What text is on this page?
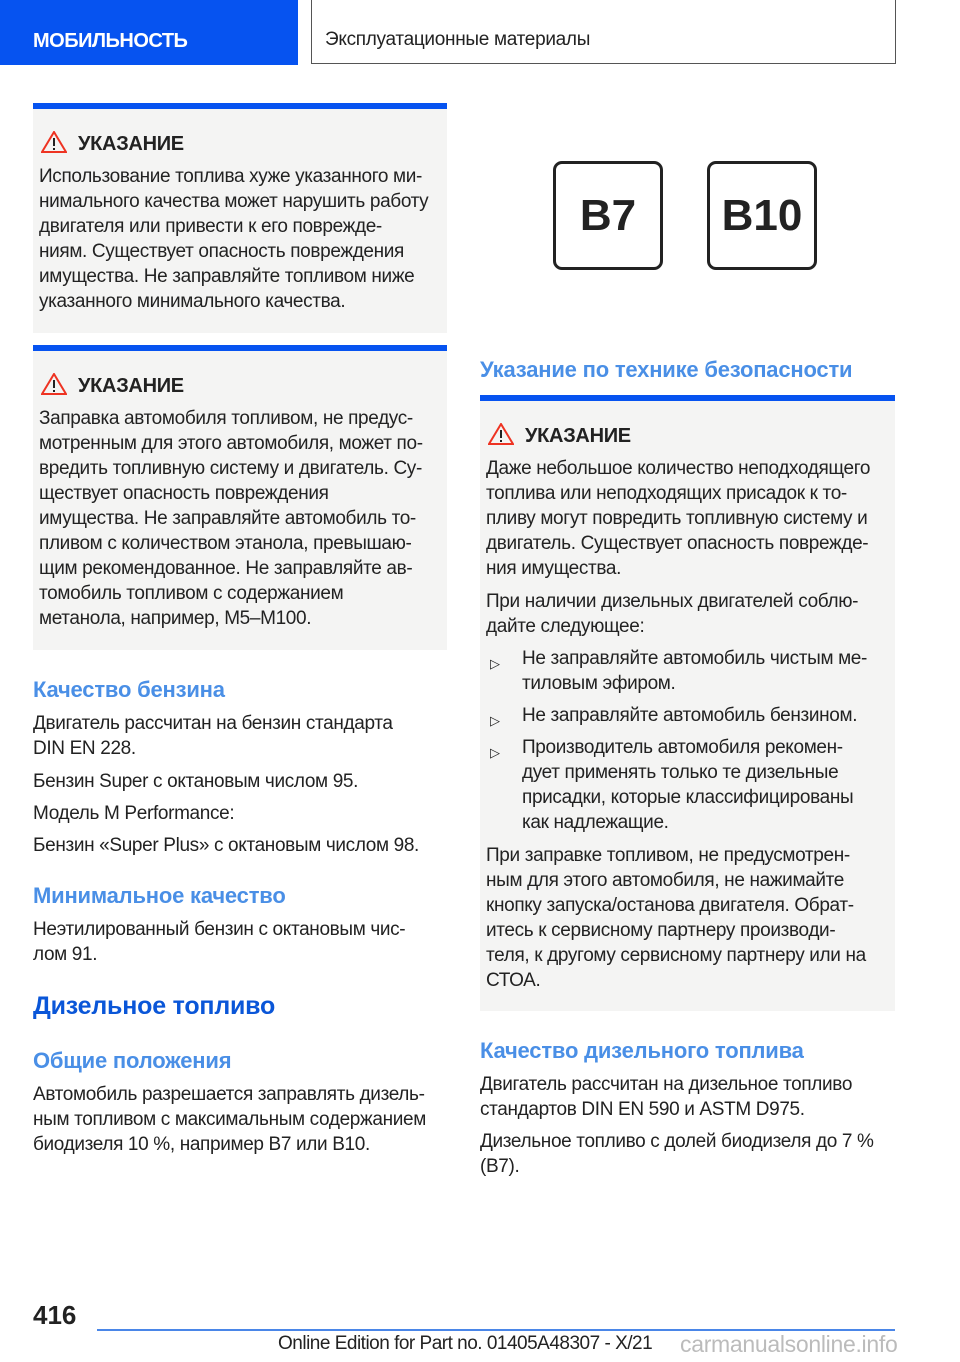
МОБИЛЬНОСТЬ	Эксплуатационные материалы
УКАЗАНИЕ
Использование топлива хуже указанного ми-
нимального качества может нарушить работу
двигателя или привести к его поврежде-
ниям. Существует опасность повреждения
имущества. Не заправляйте топливом ниже
указанного минимального качества.
УКАЗАНИЕ
Заправка автомобиля топливом, не предус-
мотренным для этого автомобиля, может по-
вредить топливную систему и двигатель. Су-
ществует опасность повреждения
имущества. Не заправляйте автомобиль то-
пливом с количеством этанола, превышаю-
щим рекомендованное. Не заправляйте ав-
томобиль топливом с содержанием
метанола, например, M5–M100.
Качество бензина
Двигатель рассчитан на бензин стандарта
DIN EN 228.
Бензин Super с октановым числом 95.
Модель M Performance:
Бензин «Super Plus» с октановым числом 98.
Минимальное качество
Неэтилированный бензин с октановым чис-
лом 91.
Дизельное топливо
Общие положения
Автомобиль разрешается заправлять дизель-
ным топливом с максимальным содержанием
биодизеля 10 %, например B7 или B10.
B7	B10
Указание по технике безопасности
УКАЗАНИЕ
Даже небольшое количество неподходящего
топлива или неподходящих присадок к то-
пливу могут повредить топливную систему и
двигатель. Существует опасность поврежде-
ния имущества.
При наличии дизельных двигателей соблю-
дайте следующее:
▷ Не заправляйте автомобиль чистым ме-
тиловым эфиром.
▷ Не заправляйте автомобиль бензином.
▷ Производитель автомобиля рекомен-
дует применять только те дизельные
присадки, которые классифицированы
как надлежащие.
При заправке топливом, не предусмотрен-
ным для этого автомобиля, не нажимайте
кнопку запуска/останова двигателя. Обрат-
итесь к сервисному партнеру производи-
теля, к другому сервисному партнеру или на
СТОА.
Качество дизельного топлива
Двигатель рассчитан на дизельное топливо
стандартов DIN EN 590 и ASTM D975.
Дизельное топливо с долей биодизеля до 7 %
(B7).
416
Online Edition for Part no. 01405A48307 - X/21 carmanualsonline.info
